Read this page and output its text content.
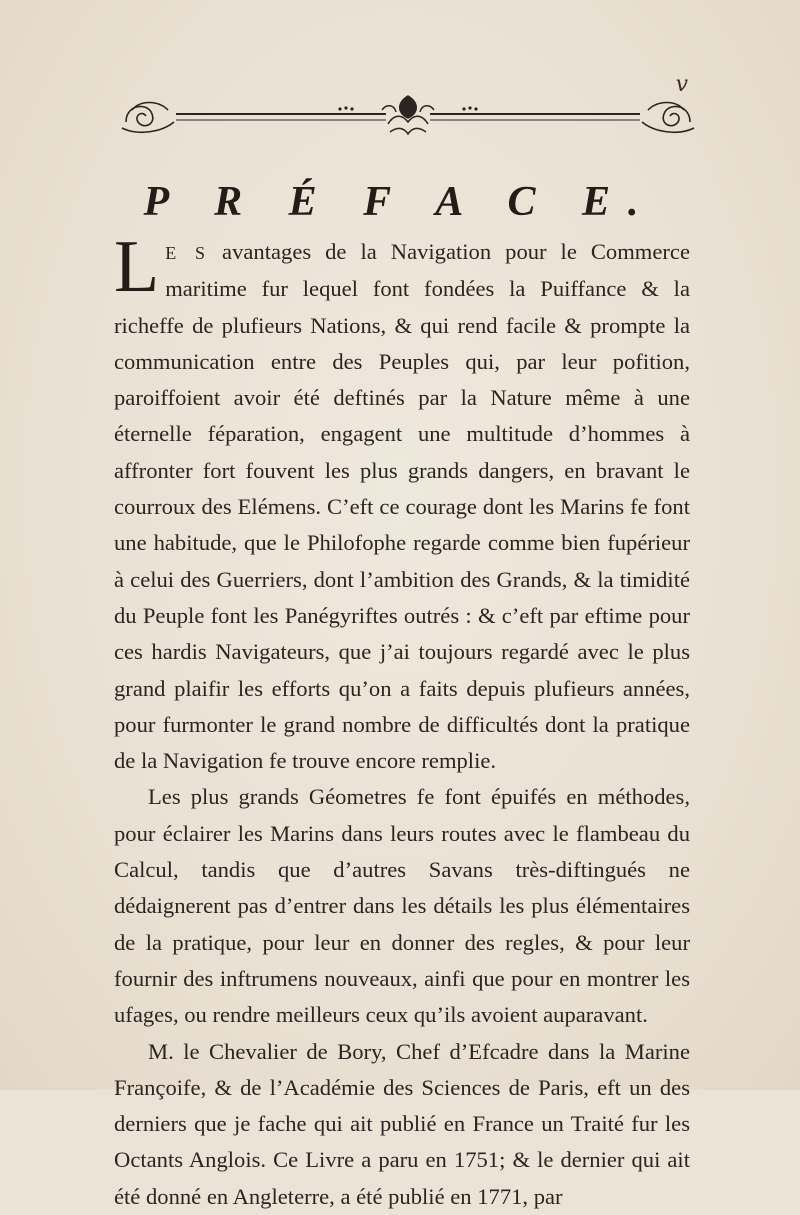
v
P R É F A C E.

L E S avantages de la Navigation pour le Commerce maritime fur lequel font fondées la Puiffance & la richeffe de plufieurs Nations, & qui rend facile & prompte la communication entre des Peuples qui, par leur pofition, paroiffoient avoir été deftinés par la Nature même à une éternelle féparation, engagent une multitude d’hommes à affronter fort fouvent les plus grands dangers, en bravant le courroux des Elémens. C’eft ce courage dont les Marins fe font une habitude, que le Philofophe regarde comme bien fupérieur à celui des Guerriers, dont l’ambition des Grands, & la timidité du Peuple font les Panégyriftes outrés : & c’eft par eftime pour ces hardis Navigateurs, que j’ai toujours regardé avec le plus grand plaifir les efforts qu’on a faits depuis plufieurs années, pour furmonter le grand nombre de difficultés dont la pratique de la Navigation fe trouve encore remplie.

Les plus grands Géometres fe font épuifés en méthodes, pour éclairer les Marins dans leurs routes avec le flambeau du Calcul, tandis que d’autres Savans très-diftingués ne dédaignerent pas d’entrer dans les détails les plus élémentaires de la pratique, pour leur en donner des regles, & pour leur fournir des inftrumens nouveaux, ainfi que pour en montrer les ufages, ou rendre meilleurs ceux qu’ils avoient auparavant.

M. le Chevalier de Bory, Chef d’Efcadre dans la Marine Françoife, & de l’Académie des Sciences de Paris, eft un des derniers que je fache qui ait publié en France un Traité fur les Octants Anglois. Ce Livre a paru en 1751; & le dernier qui ait été donné en Angleterre, a été publié en 1771, par
